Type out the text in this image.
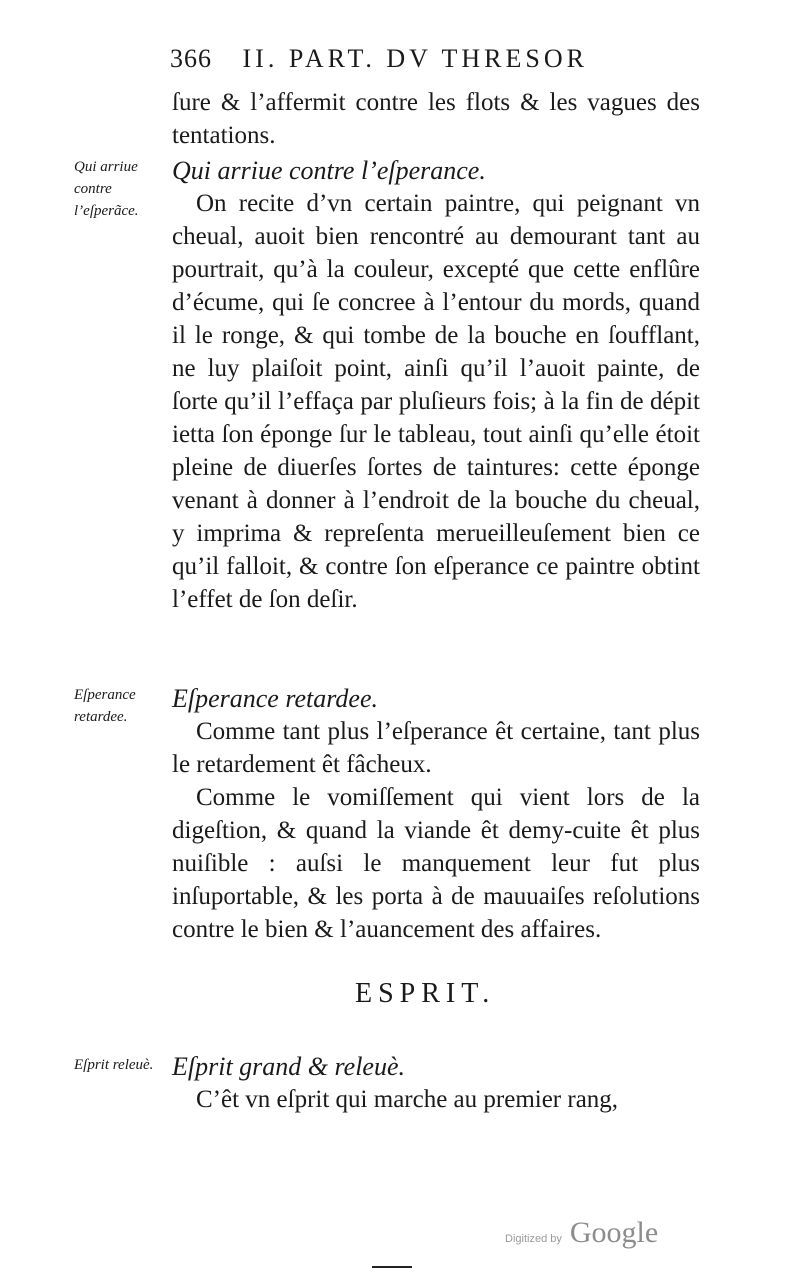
366 II. PART. DV THRESOR
ſure & l’affermit contre les flots & les vagues des tentations.
Qui arriue contre l’eſperãce.
Qui arriue contre l’eſperance.
On recite d’vn certain paintre, qui peignant vn cheual, auoit bien rencontré au demourant tant au pourtrait, qu’à la couleur, excepté que cette enflûre d’écume, qui ſe concree à l’entour du mords, quand il le ronge, & qui tombe de la bouche en ſoufflant, ne luy plaiſoit point, ainſi qu’il l’auoit painte, de ſorte qu’il l’effaça par pluſieurs fois; à la fin de dépit ietta ſon éponge ſur le tableau, tout ainſi qu’elle étoit pleine de diuerſes ſortes de taintures: cette éponge venant à donner à l’endroit de la bouche du cheual, y imprima & repreſenta merueilleuſement bien ce qu’il falloit, & contre ſon eſperance ce paintre obtint l’effet de ſon deſir.
Eſperance retardee.
Eſperance retardee.
Comme tant plus l’eſperance êt certaine, tant plus le retardement êt fâcheux.
Comme le vomiſſement qui vient lors de la digeſtion, & quand la viande êt demy-cuite êt plus nuiſible : auſsi le manquement leur fut plus inſuportable, & les porta à de mauuaiſes reſolutions contre le bien & l’auancement des affaires.
ESPRIT.
Eſprit releuè. Eſprit grand & releuè.
C’êt vn eſprit qui marche au premier rang,
Digitized by Google
